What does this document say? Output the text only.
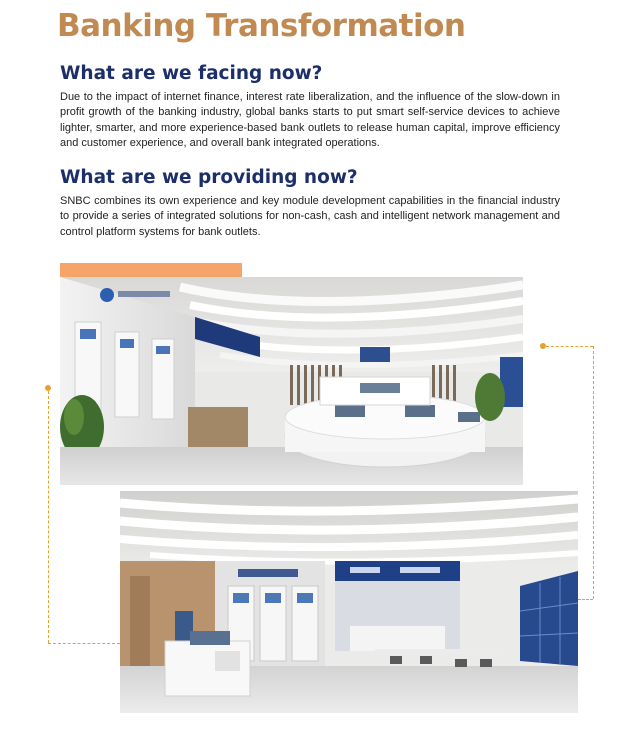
Banking Transformation
What are we facing now?
Due to the impact of internet finance, interest rate liberalization, and the influence of the slow-down in profit growth of the banking industry, global banks starts to put smart self-service devices to achieve lighter, smarter, and more experience-based bank outlets to release human capital, improve efficiency and customer experience, and overall bank integrated operations.
What are we providing now?
SNBC combines its own experience and key module development capabilities in the financial industry to provide a series of integrated solutions for non-cash, cash and intelligent network management and control platform systems for bank outlets.
